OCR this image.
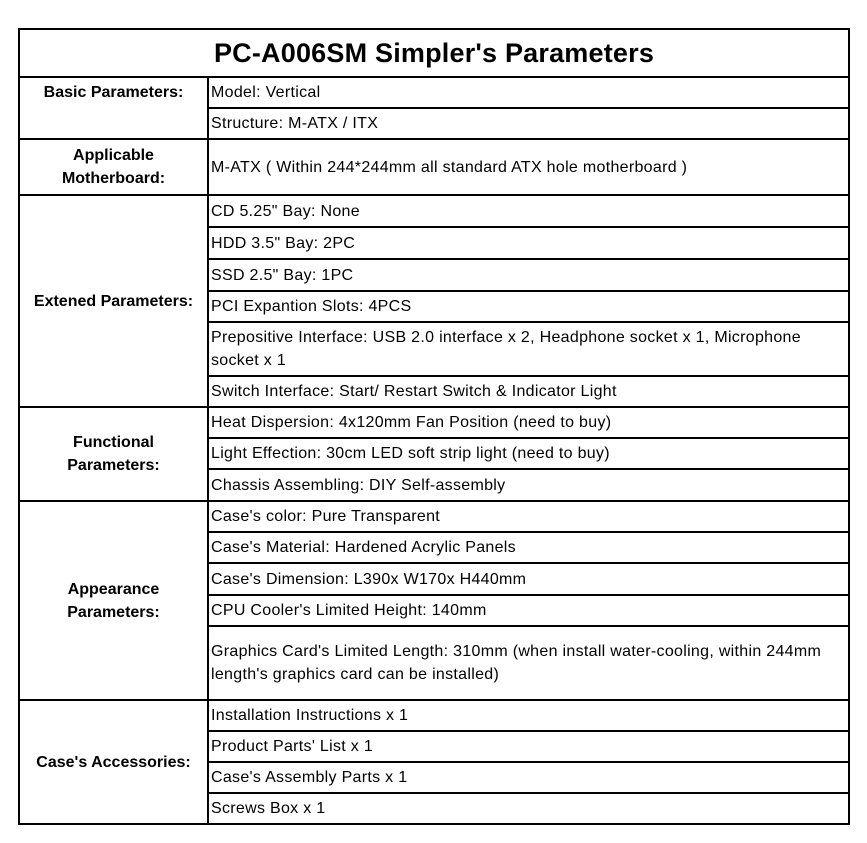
PC-A006SM Simpler's Parameters	
Basic Parameters:	Model: Vertical
	Structure: M-ATX / ITX
Applicable Motherboard:	M-ATX ( Within 244*244mm all standard ATX hole motherboard )
Extened Parameters:	CD 5.25" Bay: None
	HDD 3.5" Bay: 2PC
	SSD 2.5" Bay: 1PC
	PCI Expantion Slots: 4PCS
	Prepositive Interface: USB 2.0 interface x 2, Headphone socket x 1, Microphone socket x 1
	Switch Interface: Start/ Restart Switch & Indicator Light
Functional Parameters:	Heat Dispersion: 4x120mm Fan Position (need to buy)
	Light Effection: 30cm LED soft strip light (need to buy)
	Chassis Assembling: DIY Self-assembly
Appearance Parameters:	Case's color: Pure Transparent
	Case's Material: Hardened Acrylic Panels
	Case's Dimension: L390x W170x H440mm
	CPU Cooler's Limited Height: 140mm
	Graphics Card's Limited Length: 310mm (when install water-cooling, within 244mm length's graphics card can be installed)
Case's Accessories:	Installation Instructions x 1
	Product Parts' List x 1
	Case's Assembly Parts x 1
	Screws Box x 1
